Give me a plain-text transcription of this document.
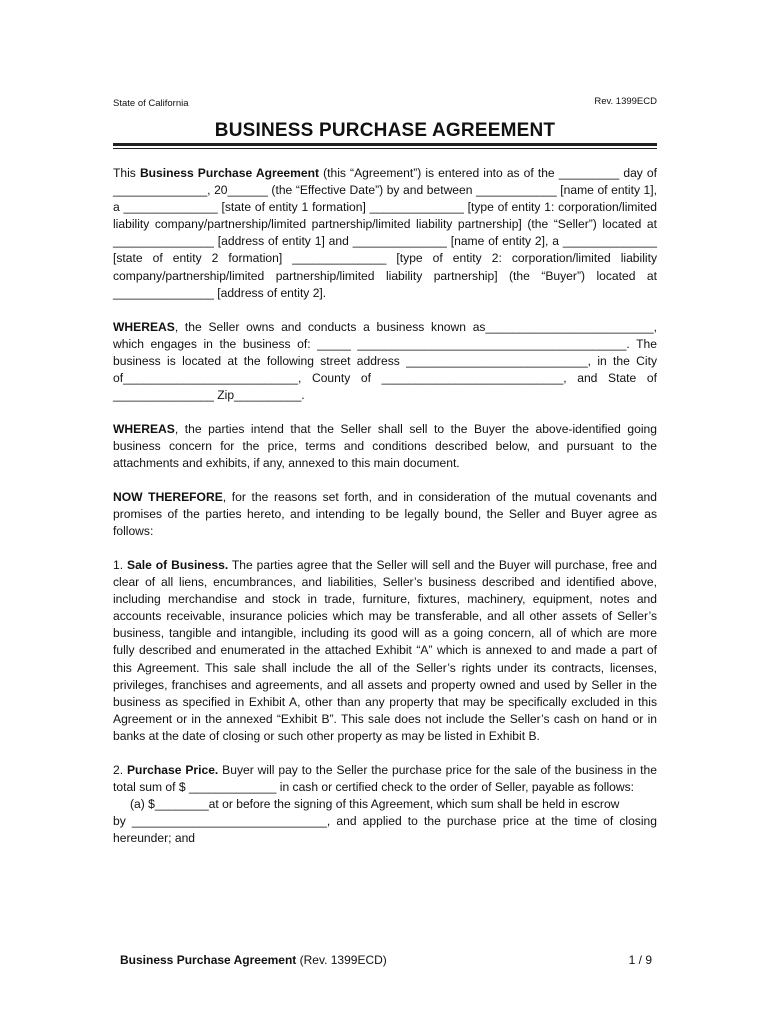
State of California	Rev. 1399ECD
BUSINESS PURCHASE AGREEMENT

This Business Purchase Agreement (this “Agreement”) is entered into as of the _________ day of ______________, 20______ (the “Effective Date”) by and between ____________ [name of entity 1], a ______________ [state of entity 1 formation] ______________ [type of entity 1: corporation/limited liability company/partnership/limited partnership/limited liability partnership] (the “Seller”) located at _______________ [address of entity 1] and ______________ [name of entity 2], a ______________ [state of entity 2 formation] ______________ [type of entity 2: corporation/limited liability company/partnership/limited partnership/limited liability partnership] (the “Buyer”) located at _______________ [address of entity 2].

WHEREAS, the Seller owns and conducts a business known as_________________________, which engages in the business of: _____ ________________________________________. The business is located at the following street address ___________________________, in the City of__________________________, County of ___________________________, and State of _______________ Zip__________.

WHEREAS, the parties intend that the Seller shall sell to the Buyer the above-identified going business concern for the price, terms and conditions described below, and pursuant to the attachments and exhibits, if any, annexed to this main document.

NOW THEREFORE, for the reasons set forth, and in consideration of the mutual covenants and promises of the parties hereto, and intending to be legally bound, the Seller and Buyer agree as follows:

1. Sale of Business. The parties agree that the Seller will sell and the Buyer will purchase, free and clear of all liens, encumbrances, and liabilities, Seller’s business described and identified above, including merchandise and stock in trade, furniture, fixtures, machinery, equipment, notes and accounts receivable, insurance policies which may be transferable, and all other assets of Seller’s business, tangible and intangible, including its good will as a going concern, all of which are more fully described and enumerated in the attached Exhibit “A” which is annexed to and made a part of this Agreement. This sale shall include the all of the Seller’s rights under its contracts, licenses, privileges, franchises and agreements, and all assets and property owned and used by Seller in the business as specified in Exhibit A, other than any property that may be specifically excluded in this Agreement or in the annexed “Exhibit B”. This sale does not include the Seller’s cash on hand or in banks at the date of closing or such other property as may be listed in Exhibit B.

2. Purchase Price. Buyer will pay to the Seller the purchase price for the sale of the business in the total sum of $ _____________ in cash or certified check to the order of Seller, payable as follows:

(a) $________at or before the signing of this Agreement, which sum shall be held in escrow
by _____________________________, and applied to the purchase price at the time of closing hereunder; and
Business Purchase Agreement (Rev. 1399ECD)	1 / 9
